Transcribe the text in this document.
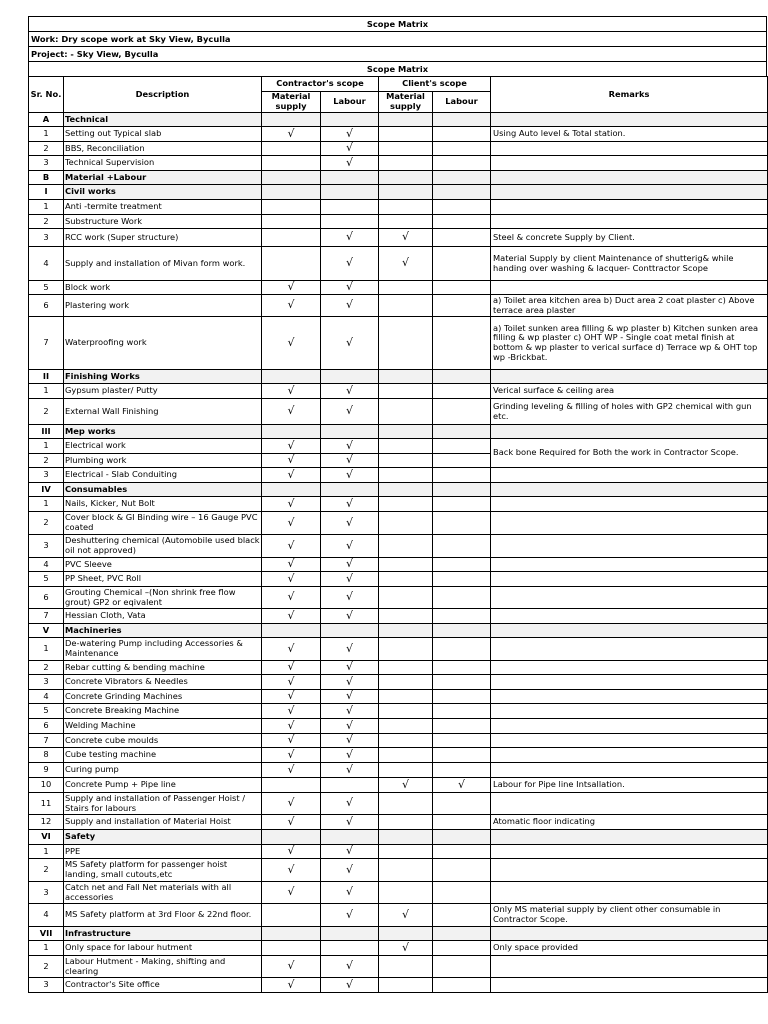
Scope Matrix
Work: Dry scope work at Sky View, Byculla
Project: - Sky View, Byculla
Scope Matrix
Sr. No.	Description	Contractor's scope		Client's scope		Remarks
		Material supply	Labour	Material supply	Labour	
A	Technical					
1	Setting out Typical slab	√	√			Using Auto level & Total station.
2	BBS, Reconciliation		√			
3	Technical Supervision		√			
B	Material +Labour					
I	Civil works					
1	Anti -termite treatment					
2	Substructure Work					
3	RCC work (Super structure)		√	√		Steel & concrete Supply by Client.
4	Supply and installation of Mivan form work.		√	√		Material Supply by client Maintenance of shutterig& while handing over washing & lacquer- Conttractor Scope
5	Block work	√	√			
6	Plastering work	√	√			a) Toilet area kitchen area b) Duct area 2 coat plaster c) Above terrace area plaster
7	Waterproofing work	√	√			a) Toilet sunken area filling & wp plaster b) Kitchen sunken area filling & wp plaster c) OHT WP - Single coat metal finish at bottom & wp plaster to verical surface d) Terrace wp & OHT top wp -Brickbat.
II	Finishing Works					
1	Gypsum plaster/ Putty	√	√			Verical surface & ceiling area
2	External Wall Finishing	√	√			Grinding leveling & filling of holes with GP2 chemical with gun etc.
III	Mep works					
1	Electrical work	√	√			Back bone Required for Both the work in Contractor Scope.
2	Plumbing work	√	√			
3	Electrical - Slab Conduiting	√	√			
IV	Consumables					
1	Nails, Kicker, Nut Bolt	√	√			
2	Cover block & GI Binding wire – 16 Gauge PVC coated	√	√			
3	Deshuttering chemical (Automobile used black oil not approved)	√	√			
4	PVC Sleeve	√	√			
5	PP Sheet, PVC Roll	√	√			
6	Grouting Chemical –(Non shrink free flow grout) GP2 or eqivalent	√	√			
7	Hessian Cloth, Vata	√	√			
V	Machineries					
1	De-watering Pump including Accessories & Maintenance	√	√			
2	Rebar cutting & bending machine	√	√			
3	Concrete Vibrators & Needles	√	√			
4	Concrete Grinding Machines	√	√			
5	Concrete Breaking Machine	√	√			
6	Welding Machine	√	√			
7	Concrete cube moulds	√	√			
8	Cube testing machine	√	√			
9	Curing pump	√	√			
10	Concrete Pump + Pipe line			√	√	Labour for Pipe line Intsallation.
11	Supply and installation of Passenger Hoist / Stairs for labours	√	√			
12	Supply and installation of Material Hoist	√	√			Atomatic floor indicating
VI	Safety					
1	PPE	√	√			
2	MS Safety platform for passenger hoist landing, small cutouts,etc	√	√			
3	Catch net and Fall Net materials with all accessories	√	√			
4	MS Safety platform at 3rd Floor & 22nd floor.		√	√		Only MS material supply by client other consumable in Contractor Scope.
VII	Infrastructure					
1	Only space for labour hutment			√		Only space provided
2	Labour Hutment - Making, shifting and clearing	√	√			
3	Contractor's Site office	√	√			
